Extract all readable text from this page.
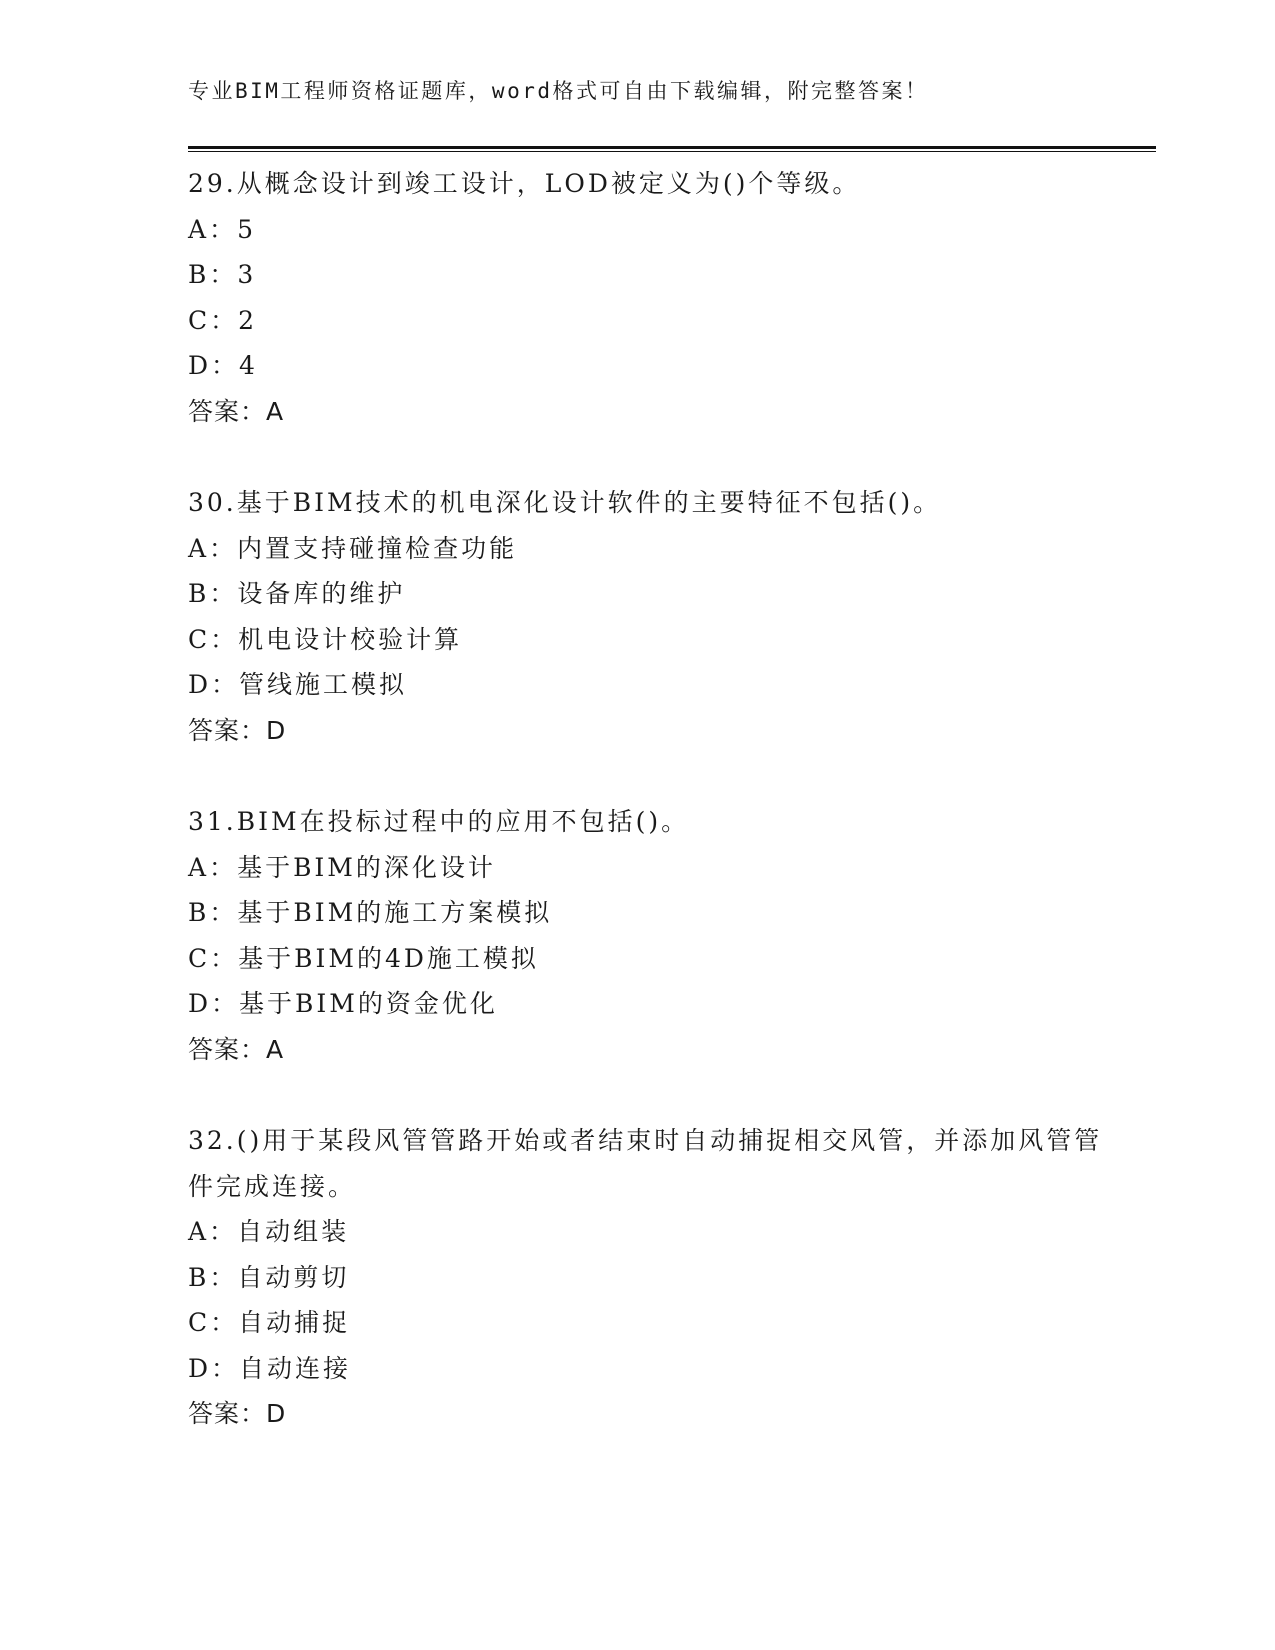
专业BIM工程师资格证题库，word格式可自由下载编辑，附完整答案！
29.从概念设计到竣工设计，LOD被定义为()个等级。
A：5
B：3
C：2
D：4
答案：A
30.基于BIM技术的机电深化设计软件的主要特征不包括()。
A：内置支持碰撞检查功能
B：设备库的维护
C：机电设计校验计算
D：管线施工模拟
答案：D
31.BIM在投标过程中的应用不包括()。
A：基于BIM的深化设计
B：基于BIM的施工方案模拟
C：基于BIM的4D施工模拟
D：基于BIM的资金优化
答案：A
32.()用于某段风管管路开始或者结束时自动捕捉相交风管，并添加风管管件完成连接。
A：自动组装
B：自动剪切
C：自动捕捉
D：自动连接
答案：D
